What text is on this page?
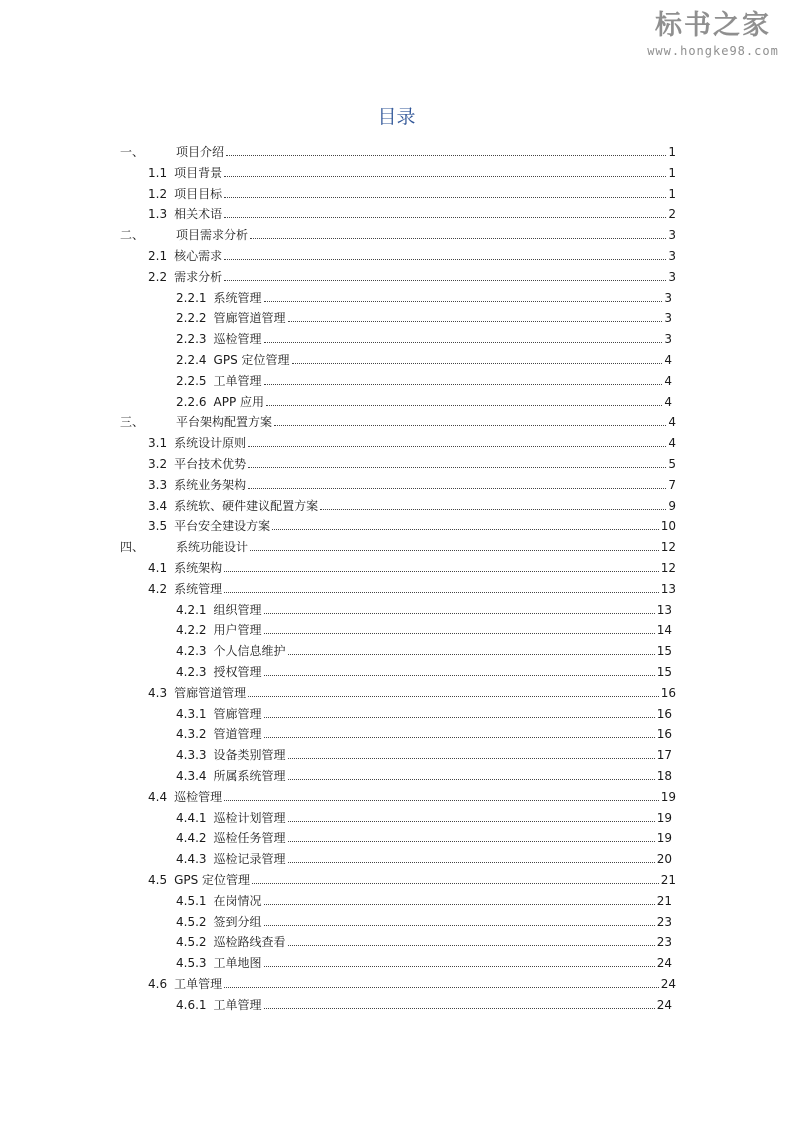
标书之家
www.hongke98.com
目录
一、	项目介绍	1
1.1 项目背景	1
1.2 项目目标	1
1.3 相关术语	2
二、	项目需求分析	3
2.1 核心需求	3
2.2 需求分析	3
2.2.1 系统管理	3
2.2.2 管廊管道管理	3
2.2.3 巡检管理	3
2.2.4 GPS 定位管理	4
2.2.5 工单管理	4
2.2.6 APP 应用	4
三、	平台架构配置方案	4
3.1 系统设计原则	4
3.2 平台技术优势	5
3.3 系统业务架构	7
3.4 系统软、硬件建议配置方案	9
3.5 平台安全建设方案	10
四、	系统功能设计	12
4.1 系统架构	12
4.2 系统管理	13
4.2.1 组织管理	13
4.2.2 用户管理	14
4.2.3 个人信息维护	15
4.2.3 授权管理	15
4.3 管廊管道管理	16
4.3.1 管廊管理	16
4.3.2 管道管理	16
4.3.3 设备类别管理	17
4.3.4 所属系统管理	18
4.4 巡检管理	19
4.4.1 巡检计划管理	19
4.4.2 巡检任务管理	19
4.4.3 巡检记录管理	20
4.5 GPS 定位管理	21
4.5.1 在岗情况	21
4.5.2 签到分组	23
4.5.2 巡检路线查看	23
4.5.3 工单地图	24
4.6 工单管理	24
4.6.1 工单管理	24
